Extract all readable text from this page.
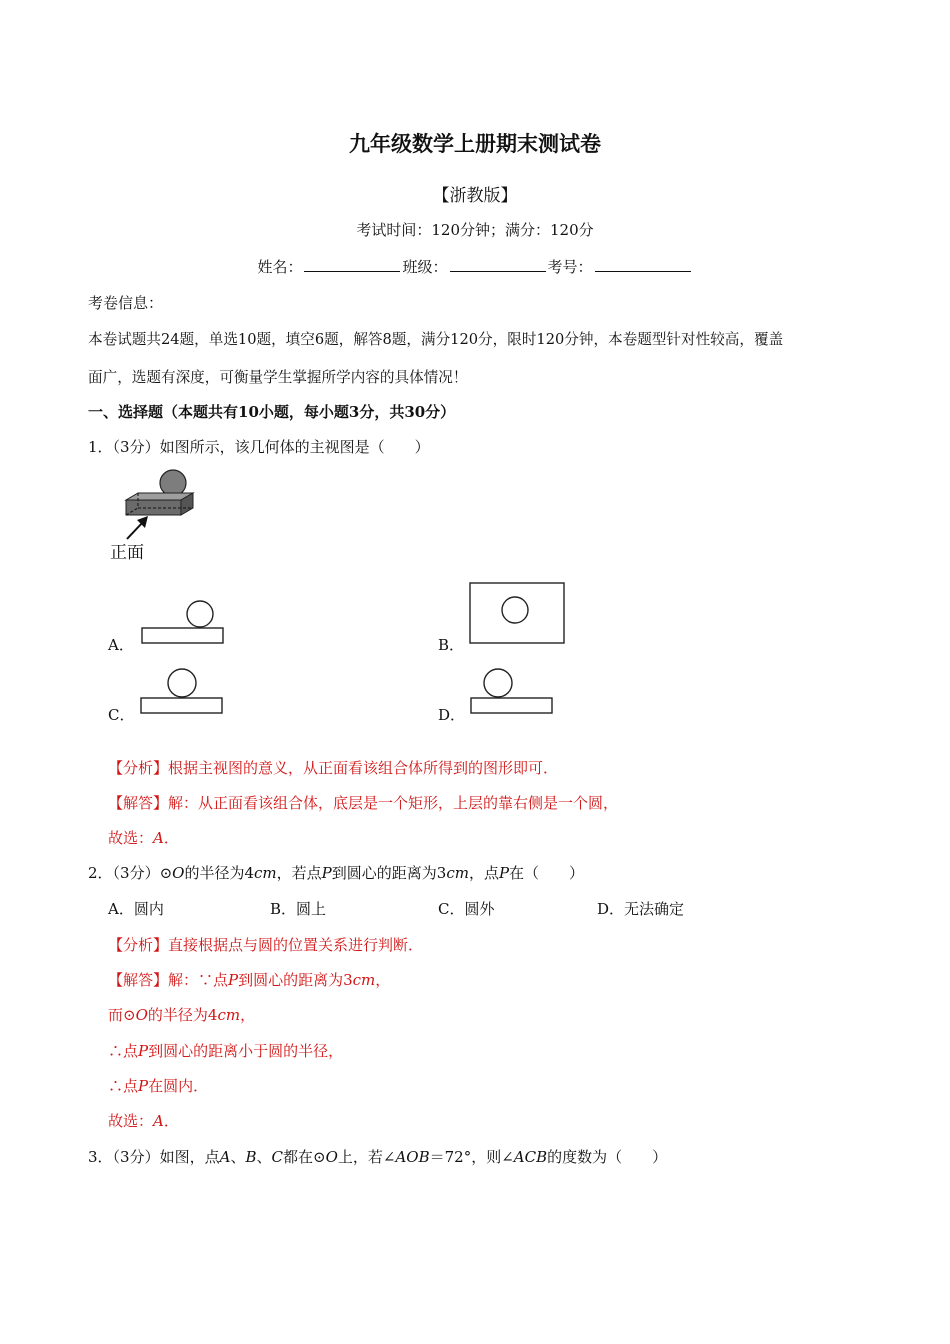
九年级数学上册期末测试卷
【浙教版】
考试时间：120分钟；满分：120分
姓名：	班级：	考号：
考卷信息：
本卷试题共24题，单选10题，填空6题，解答8题，满分120分，限时120分钟，本卷题型针对性较高，覆盖
面广，选题有深度，可衡量学生掌握所学内容的具体情况！
一、选择题（本题共有10小题，每小题3分，共30分）
1．（3分）如图所示，该几何体的主视图是（　　）
正面
A．	B．
C．	D．
【分析】根据主视图的意义，从正面看该组合体所得到的图形即可．
【解答】解：从正面看该组合体，底层是一个矩形，上层的靠右侧是一个圆，
故选：A．
2．（3分）⊙O的半径为4cm，若点P到圆心的距离为3cm，点P在（　　）
A．圆内	B．圆上	C．圆外	D．无法确定
【分析】直接根据点与圆的位置关系进行判断．
【解答】解：∵点P到圆心的距离为3cm，
而⊙O的半径为4cm，
∴点P到圆心的距离小于圆的半径，
∴点P在圆内．
故选：A．
3．（3分）如图，点A、B、C都在⊙O上，若∠AOB＝72°，则∠ACB的度数为（　　）
